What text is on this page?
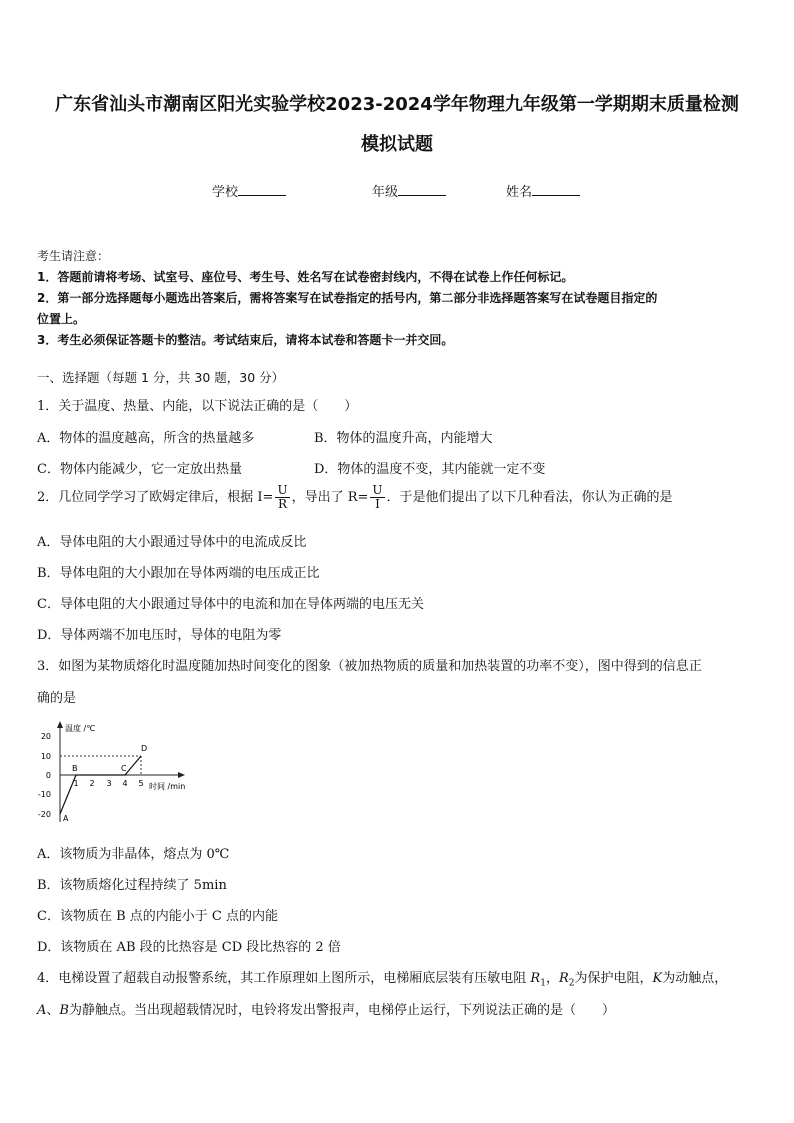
广东省汕头市潮南区阳光实验学校2023-2024学年物理九年级第一学期期末质量检测
模拟试题
学校	年级	姓名
考生请注意：
1．答题前请将考场、试室号、座位号、考生号、姓名写在试卷密封线内，不得在试卷上作任何标记。
2．第一部分选择题每小题选出答案后，需将答案写在试卷指定的括号内，第二部分非选择题答案写在试卷题目指定的
位置上。
3．考生必须保证答题卡的整洁。考试结束后，请将本试卷和答题卡一并交回。
一、选择题（每题 1 分，共 30 题，30 分）
1．关于温度、热量、内能，以下说法正确的是（　　）
A．物体的温度越高，所含的热量越多	B．物体的温度升高，内能增大
C．物体内能减少，它一定放出热量	D．物体的温度不变，其内能就一定不变
2．几位同学学习了欧姆定律后，根据 $I= \frac{U}{R}$ ，导出了 $R= \frac{U}{I}$ ．于是他们提出了以下几种看法，你认为正确的是
A．导体电阻的大小跟通过导体中的电流成反比
B．导体电阻的大小跟加在导体两端的电压成正比
C．导体电阻的大小跟通过导体中的电流和加在导体两端的电压无关
D．导体两端不加电压时，导体的电阻为零
3．如图为某物质熔化时温度随加热时间变化的图象（被加热物质的质量和加热装置的功率不变），图中得到的信息正
确的是
20
10
0
-10
-20
1 2 3 4 5
温度 /℃
时间 /min
A
B	C
D
A．该物质为非晶体，熔点为 0℃
B．该物质熔化过程持续了 5min
C．该物质在 B 点的内能小于 C 点的内能
D．该物质在 AB 段的比热容是 CD 段比热容的 2 倍
4．电梯设置了超载自动报警系统，其工作原理如上图所示，电梯厢底层装有压敏电阻 $R_1$，$R_2$为保护电阻，K为动触点，
A、B为静触点。当出现超载情况时，电铃将发出警报声，电梯停止运行，下列说法正确的是（　　）
